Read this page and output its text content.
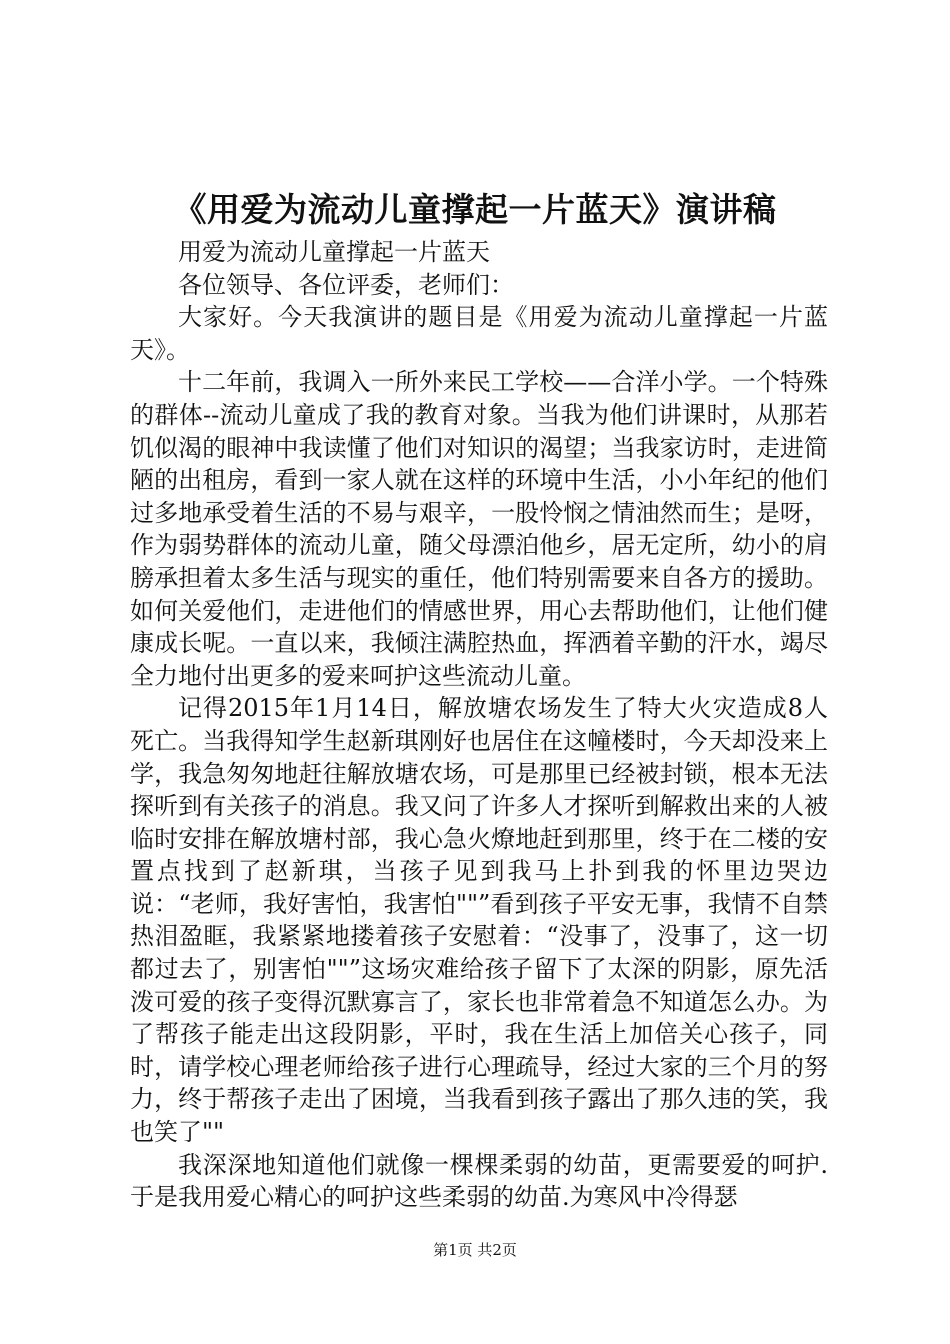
《用爱为流动儿童撑起一片蓝天》演讲稿

用爱为流动儿童撑起一片蓝天

各位领导、各位评委，老师们：

大家好。今天我演讲的题目是《用爱为流动儿童撑起一片蓝天》。

十二年前，我调入一所外来民工学校——合洋小学。一个特殊的群体--流动儿童成了我的教育对象。当我为他们讲课时，从那若饥似渴的眼神中我读懂了他们对知识的渴望；当我家访时，走进简陋的出租房，看到一家人就在这样的环境中生活，小小年纪的他们过多地承受着生活的不易与艰辛，一股怜悯之情油然而生；是呀，作为弱势群体的流动儿童，随父母漂泊他乡，居无定所，幼小的肩膀承担着太多生活与现实的重任，他们特别需要来自各方的援助。如何关爱他们，走进他们的情感世界，用心去帮助他们，让他们健康成长呢。一直以来，我倾注满腔热血，挥洒着辛勤的汗水，竭尽全力地付出更多的爱来呵护这些流动儿童。

记得2015年1月14日，解放塘农场发生了特大火灾造成8人死亡。当我得知学生赵新琪刚好也居住在这幢楼时，今天却没来上学，我急匆匆地赶往解放塘农场，可是那里已经被封锁，根本无法探听到有关孩子的消息。我又问了许多人才探听到解救出来的人被临时安排在解放塘村部，我心急火燎地赶到那里，终于在二楼的安置点找到了赵新琪，当孩子见到我马上扑到我的怀里边哭边说：“老师，我好害怕，我害怕""”看到孩子平安无事，我情不自禁热泪盈眶，我紧紧地搂着孩子安慰着：“没事了，没事了，这一切都过去了，别害怕""”这场灾难给孩子留下了太深的阴影，原先活泼可爱的孩子变得沉默寡言了，家长也非常着急不知道怎么办。为了帮孩子能走出这段阴影，平时，我在生活上加倍关心孩子，同时，请学校心理老师给孩子进行心理疏导，经过大家的三个月的努力，终于帮孩子走出了困境，当我看到孩子露出了那久违的笑，我也笑了""

我深深地知道他们就像一棵棵柔弱的幼苗，更需要爱的呵护.于是我用爱心精心的呵护这些柔弱的幼苗.为寒风中冷得瑟

第1页 共2页
